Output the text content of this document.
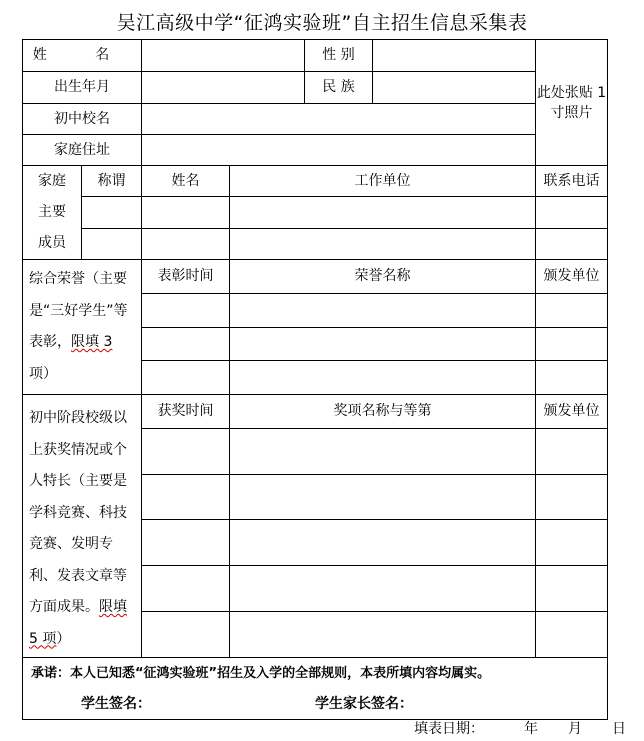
吴江高级中学“征鸿实验班”自主招生信息采集表
姓 名				性 别	此处张贴 1 寸照片
出生年月				民 族	

初中校名					
家庭住址					

家庭
主要
成员	称谓	姓名	工作单位		联系电话

综合荣誉（主要是“三好学生”等表彰，限填 3项）		表彰时间	荣誉名称		颁发单位

初中阶段校级以上获奖情况或个人特长（主要是学科竞赛、科技竞赛、发明专利、发表文章等方面成果。限填 5 项）		获奖时间	奖项名称与等第		颁发单位

承诺：本人已知悉“征鸿实验班”招生及入学的全部规则，本表所填内容均属实。
学生签名： 学生家长签名：					
填表日期：	年 月 日
